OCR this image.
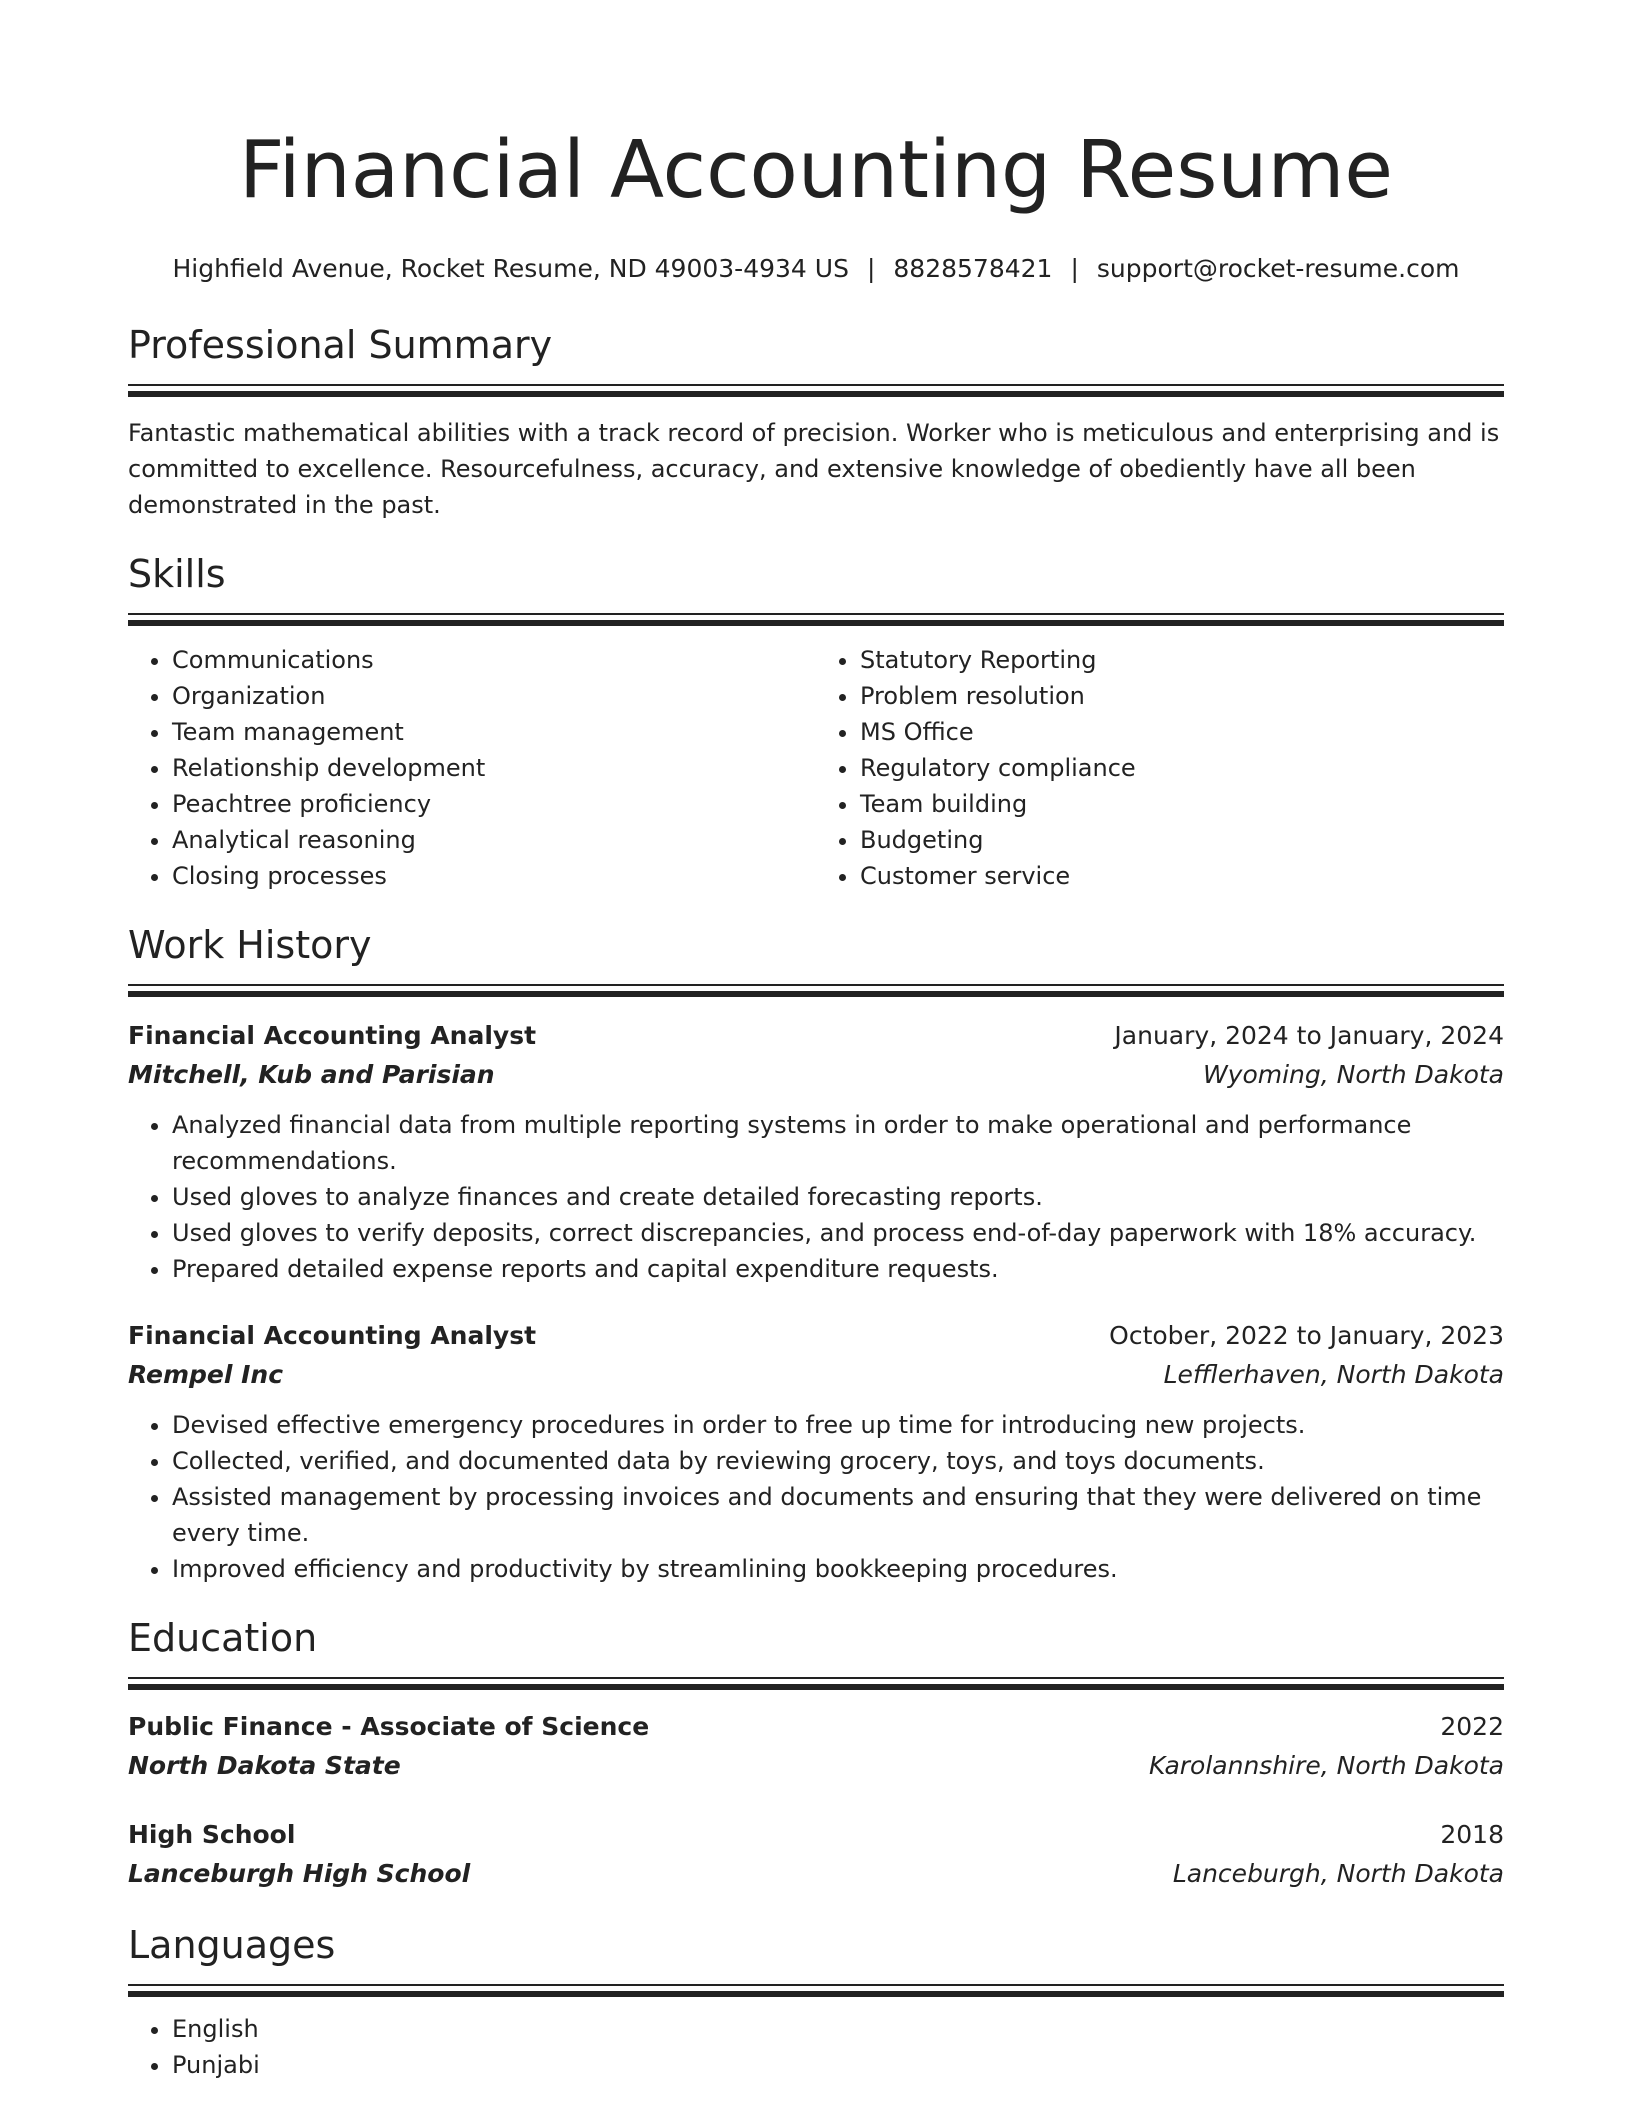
Financial Accounting Resume
Highfield Avenue, Rocket Resume, ND 49003-4934 US | 8828578421 | support@rocket-resume.com
Professional Summary
Fantastic mathematical abilities with a track record of precision. Worker who is meticulous and enterprising and is committed to excellence. Resourcefulness, accuracy, and extensive knowledge of obediently have all been demonstrated in the past.
Skills
• Communications
• Organization
• Team management
• Relationship development
• Peachtree proficiency
• Analytical reasoning
• Closing processes
• Statutory Reporting
• Problem resolution
• MS Office
• Regulatory compliance
• Team building
• Budgeting
• Customer service
Work History
Financial Accounting Analyst	January, 2024 to January, 2024
Mitchell, Kub and Parisian	Wyoming, North Dakota
• Analyzed financial data from multiple reporting systems in order to make operational and performance recommendations.
• Used gloves to analyze finances and create detailed forecasting reports.
• Used gloves to verify deposits, correct discrepancies, and process end-of-day paperwork with 18% accuracy.
• Prepared detailed expense reports and capital expenditure requests.
Financial Accounting Analyst	October, 2022 to January, 2023
Rempel Inc	Lefflerhaven, North Dakota
• Devised effective emergency procedures in order to free up time for introducing new projects.
• Collected, verified, and documented data by reviewing grocery, toys, and toys documents.
• Assisted management by processing invoices and documents and ensuring that they were delivered on time every time.
• Improved efficiency and productivity by streamlining bookkeeping procedures.
Education
Public Finance - Associate of Science	2022
North Dakota State	Karolannshire, North Dakota
High School	2018
Lanceburgh High School	Lanceburgh, North Dakota
Languages
• English
• Punjabi
